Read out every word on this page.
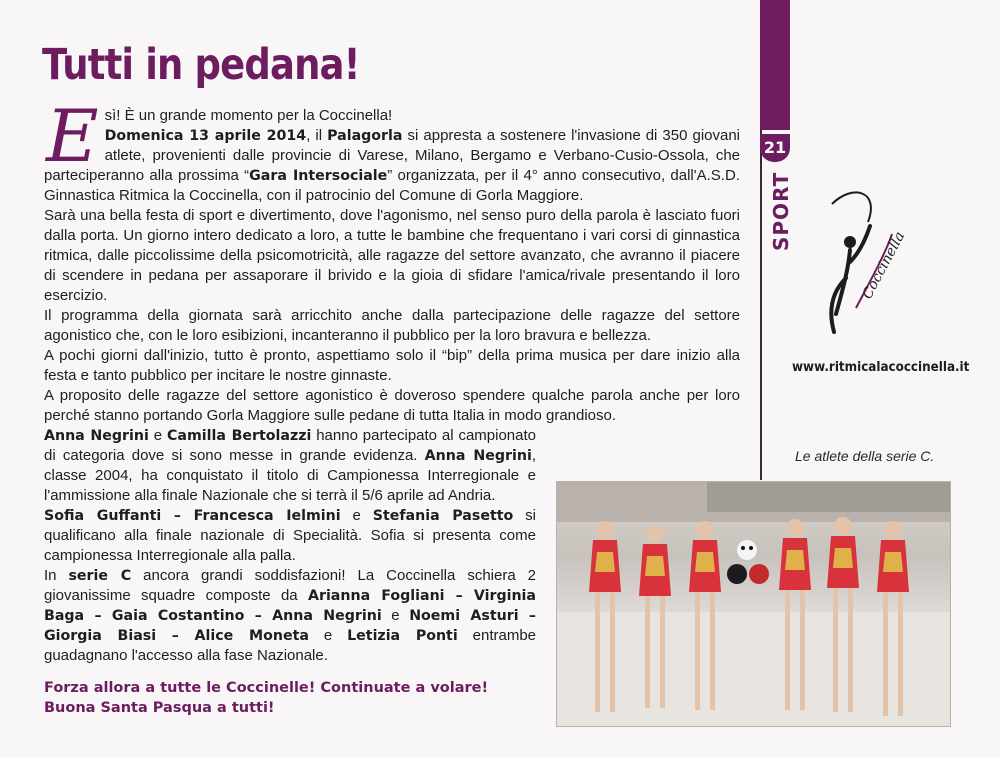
Tutti in pedana!

E sì! È un grande momento per la Coccinella!
Domenica 13 aprile 2014, il Palagorla si appresta a sostenere l'invasione di 350 giovani atlete, provenienti dalle provincie di Varese, Milano, Bergamo e Verbano-Cusio-Ossola, che parteciperanno alla prossima “Gara Intersociale” organizzata, per il 4° anno consecutivo, dall'A.S.D. Ginnastica Ritmica la Coccinella, con il patrocinio del Comune di Gorla Maggiore.

Sarà una bella festa di sport e divertimento, dove l'agonismo, nel senso puro della parola è lasciato fuori dalla porta. Un giorno intero dedicato a loro, a tutte le bambine che frequentano i vari corsi di ginnastica ritmica, dalle piccolissime della psicomotricità, alle ragazze del settore avanzato, che avranno il piacere di scendere in pedana per assaporare il brivido e la gioia di sfidare l'amica/rivale presentando il loro esercizio.

Il programma della giornata sarà arricchito anche dalla partecipazione delle ragazze del settore agonistico che, con le loro esibizioni, incanteranno il pubblico per la loro bravura e bellezza.

A pochi giorni dall'inizio, tutto è pronto, aspettiamo solo il “bip” della prima musica per dare inizio alla festa e tanto pubblico per incitare le nostre ginnaste.

A proposito delle ragazze del settore agonistico è doveroso spendere qualche parola anche per loro perché stanno portando Gorla Maggiore sulle pedane di tutta Italia in modo grandioso.

Anna Negrini e Camilla Bertolazzi hanno partecipato al campionato di categoria dove si sono messe in grande evidenza. Anna Negrini, classe 2004, ha conquistato il titolo di Campionessa Interregionale e l'ammissione alla finale Nazionale che si terrà il 5/6 aprile ad Andria.

Sofia Guffanti – Francesca Ielmini e Stefania Pasetto si qualificano alla finale nazionale di Specialità. Sofia si presenta come campionessa Interregionale alla palla.

In serie C ancora grandi soddisfazioni! La Coccinella schiera 2 giovanissime squadre composte da Arianna Fogliani – Virginia Baga – Gaia Costantino – Anna Negrini e Noemi Asturi – Giorgia Biasi – Alice Moneta e Letizia Ponti entrambe guadagnano l'accesso alla fase Nazionale.

Forza allora a tutte le Coccinelle! Continuate a volare!
Buona Santa Pasqua a tutti!

21
SPORT
Coccinella
www.ritmicalacoccinella.it
Le atlete della serie C.
